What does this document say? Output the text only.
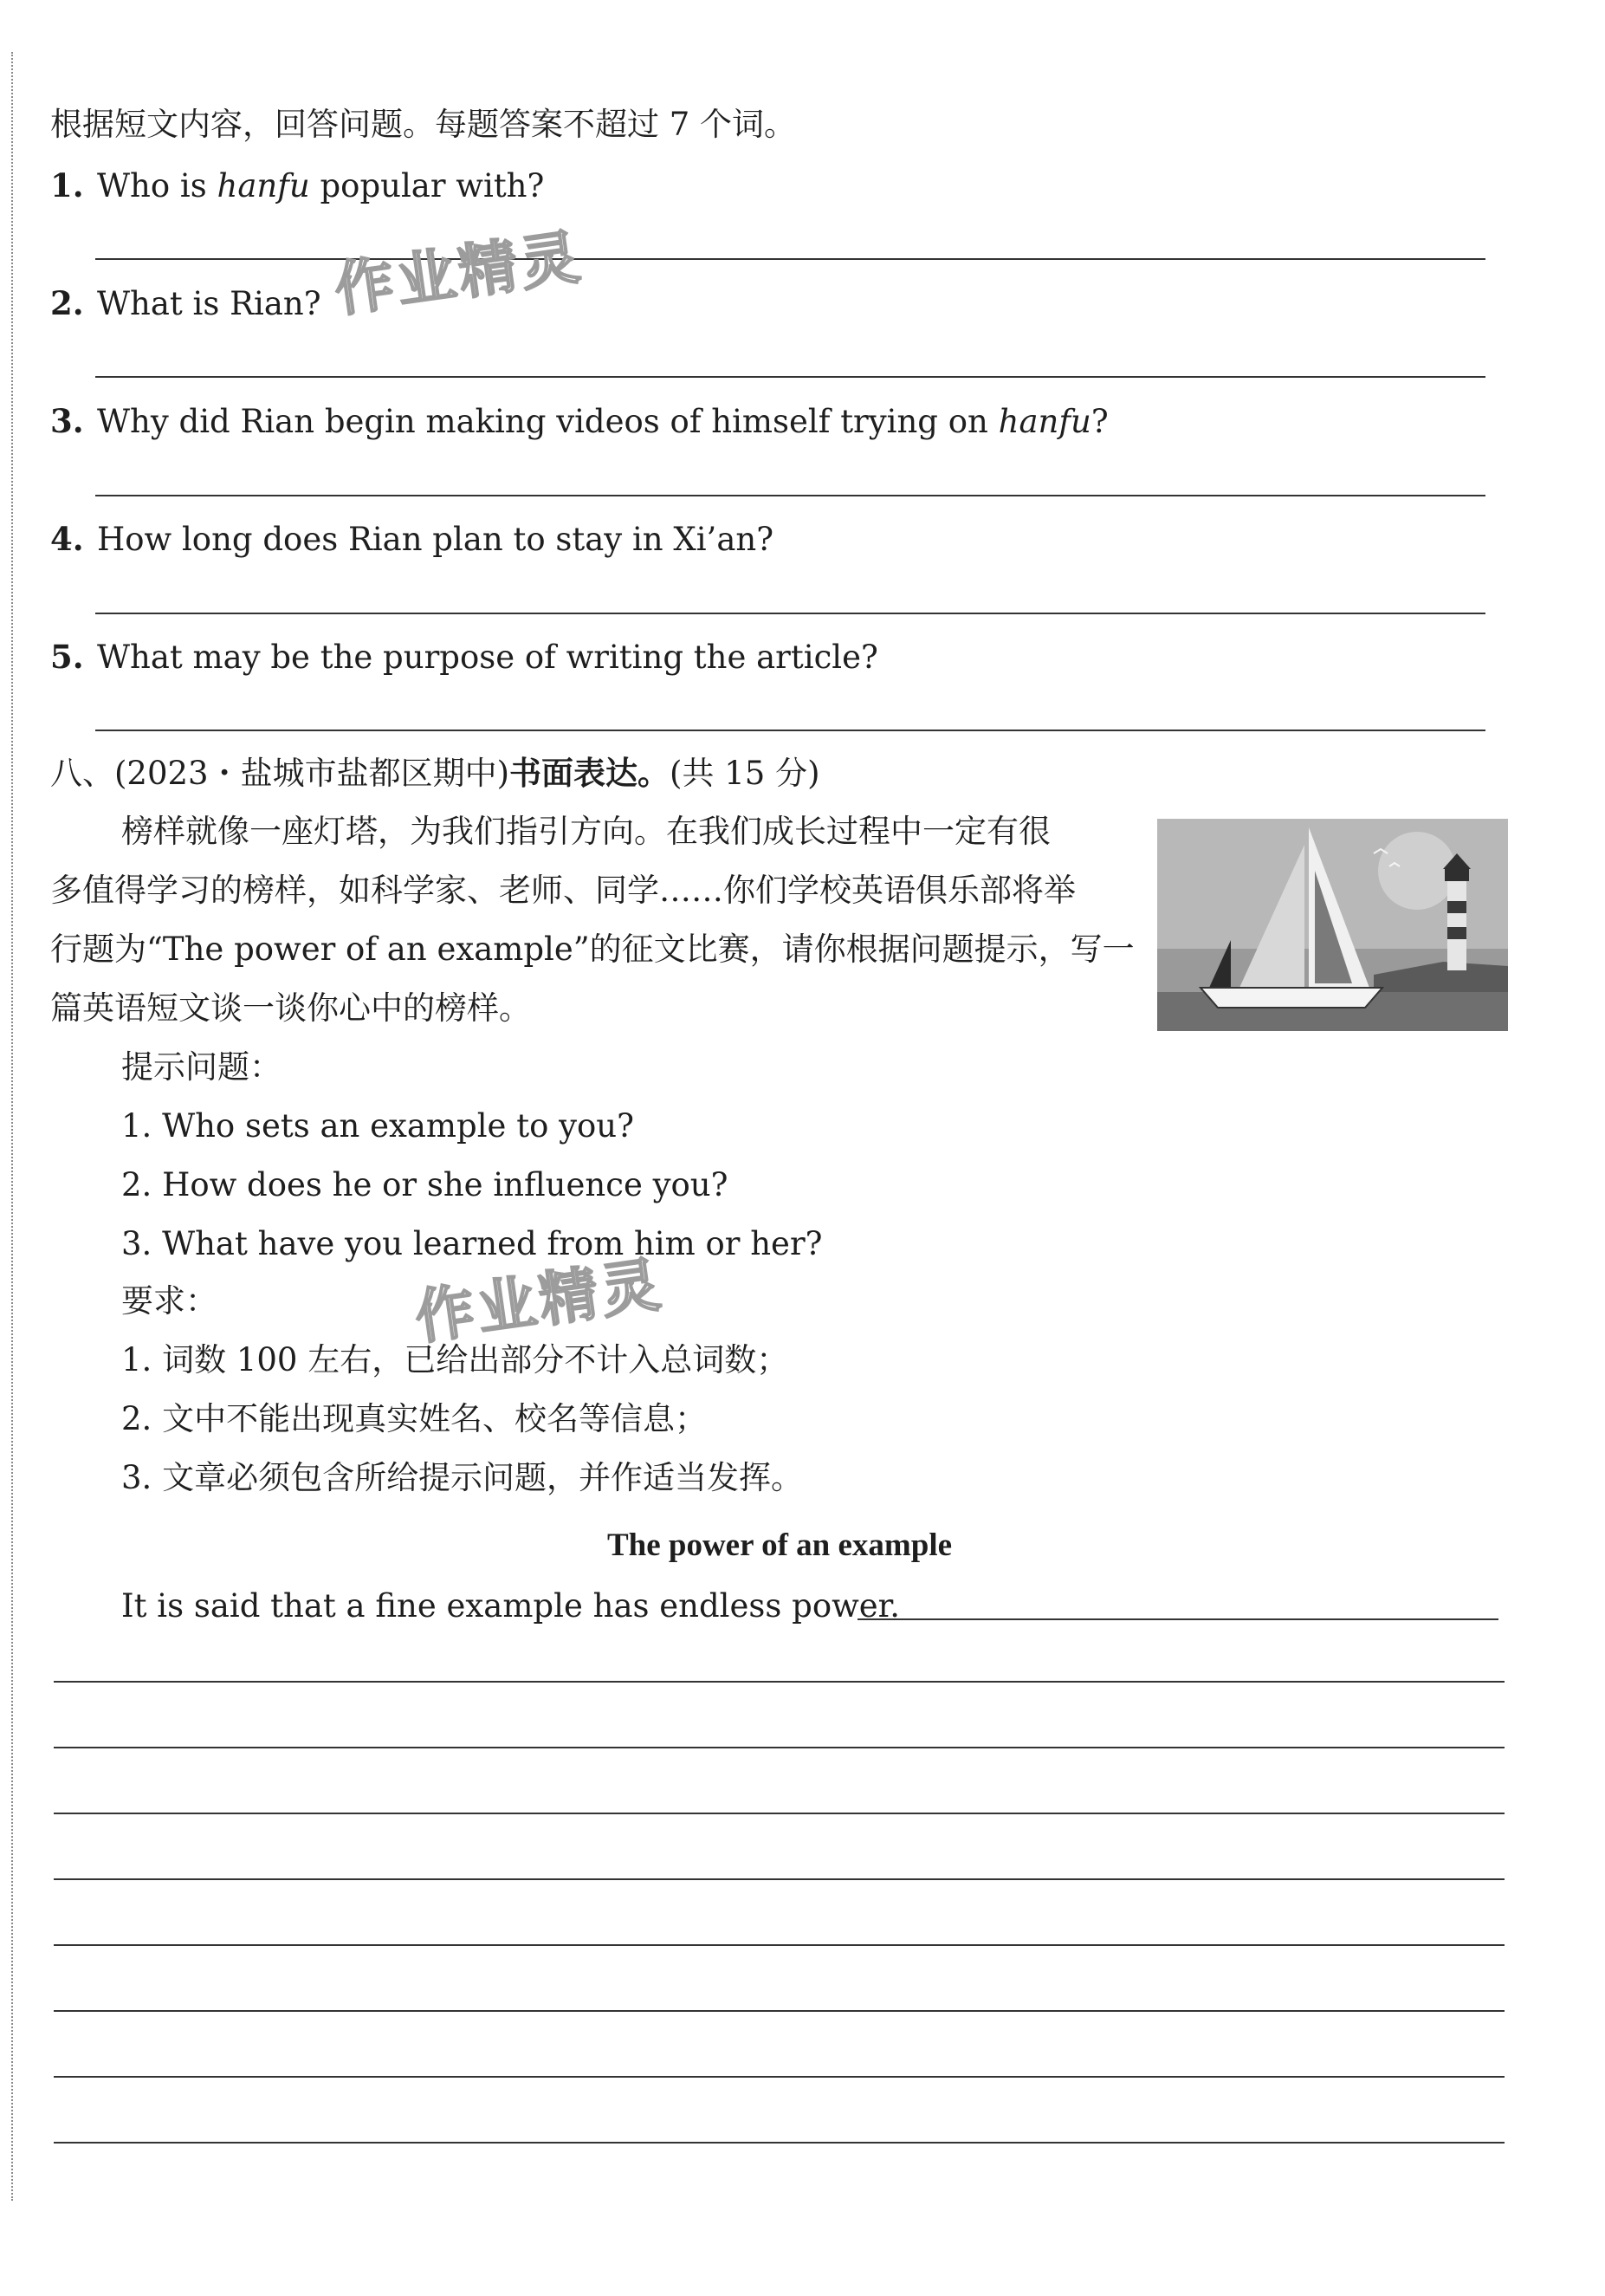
根据短文内容，回答问题。每题答案不超过 7 个词。
1. Who is hanfu popular with?
2. What is Rian?
3. Why did Rian begin making videos of himself trying on hanfu?
4. How long does Rian plan to stay in Xi’an?
5. What may be the purpose of writing the article?
八、(2023・盐城市盐都区期中)书面表达。(共 15 分)
榜样就像一座灯塔，为我们指引方向。在我们成长过程中一定有很
多值得学习的榜样，如科学家、老师、同学……你们学校英语俱乐部将举
行题为“The power of an example”的征文比赛，请你根据问题提示，写一
篇英语短文谈一谈你心中的榜样。
提示问题：
1. Who sets an example to you?
2. How does he or she influence you?
3. What have you learned from him or her?
要求：
1. 词数 100 左右，已给出部分不计入总词数；
2. 文中不能出现真实姓名、校名等信息；
3. 文章必须包含所给提示问题，并作适当发挥。
The power of an example
It is said that a fine example has endless power.
作业精灵
作业精灵
